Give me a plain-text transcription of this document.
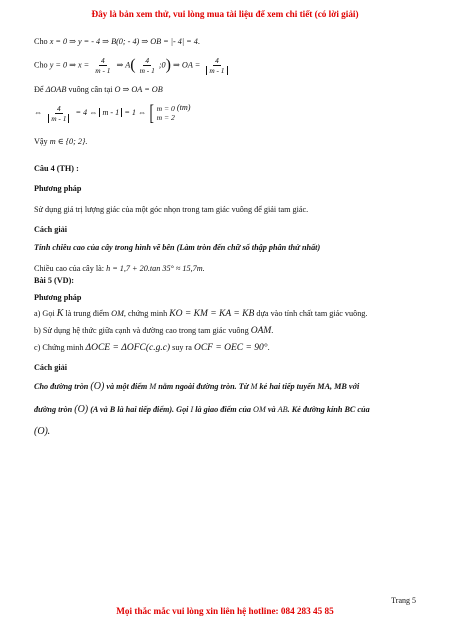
Đây là bản xem thử, vui lòng mua tài liệu để xem chi tiết (có lời giải)
Cho x = 0 ⇒ y = - 4 ⇒ B(0; - 4) ⇒ OB = |- 4| = 4.
Cho y = 0 ⇒ $x = \frac{4}{m - 1}$ ⇒ $A( \frac{4}{m - 1}$ ;0) ⇒ OA = $\frac{4}{m - 1}$
Để ΔOAB vuông cân tại O ⇒ OA = OB
⇔ $\frac{4}{m - 1} = 4$ ⇔ m - 1 = 1 ⇔ [ m = 0
m = 2
(tm)
Vậy m ∈ {0; 2}.
Câu 4 (TH) :
Phương pháp
Sử dụng giá trị lượng giác của một góc nhọn trong tam giác vuông để giải tam giác.
Cách giải
Tính chiều cao của cây trong hình vẽ bên (Làm tròn đến chữ số thập phân thứ nhất)
Chiều cao của cây là: h = 1,7 + 20.tan 35° ≈ 15,7m.
Bài 5 (VD):
Phương pháp
a) Gọi K là trung điểm OM, chứng minh KO = KM = KA = KB dựa vào tính chất tam giác vuông.
b) Sử dụng hệ thức giữa cạnh và đường cao trong tam giác vuông OAM.
c) Chứng minh ΔOCE = ΔOFC(c.g.c) suy ra OCF = OEC = 90°.
Cách giải
Cho đường tròn (O) và một điểm M nằm ngoài đường tròn. Từ M kẻ hai tiếp tuyến MA, MB với
đường tròn (O) (A và B là hai tiếp điểm). Gọi I là giao điểm của OM và AB. Kẻ đường kính BC của
(O).
Trang 5
Mọi thắc mắc vui lòng xin liên hệ hotline: 084 283 45 85
